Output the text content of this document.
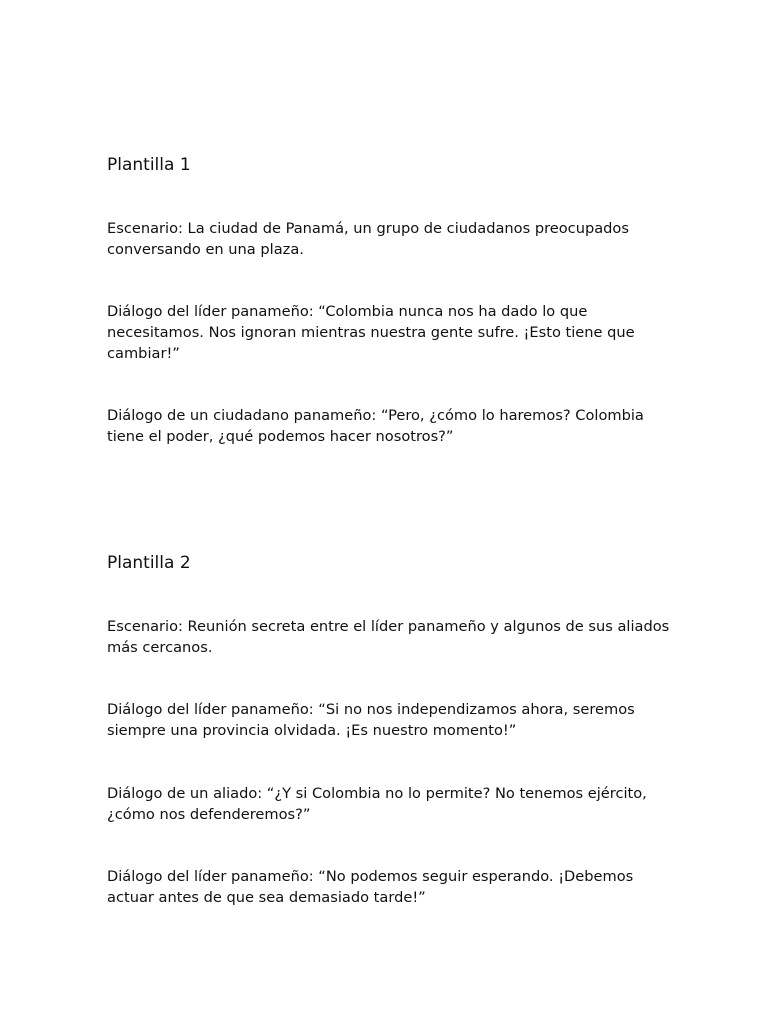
Plantilla 1

Escenario: La ciudad de Panamá, un grupo de ciudadanos preocupados conversando en una plaza.

Diálogo del líder panameño: “Colombia nunca nos ha dado lo que necesitamos. Nos ignoran mientras nuestra gente sufre. ¡Esto tiene que cambiar!”

Diálogo de un ciudadano panameño: “Pero, ¿cómo lo haremos? Colombia tiene el poder, ¿qué podemos hacer nosotros?”

Plantilla 2

Escenario: Reunión secreta entre el líder panameño y algunos de sus aliados más cercanos.

Diálogo del líder panameño: “Si no nos independizamos ahora, seremos siempre una provincia olvidada. ¡Es nuestro momento!”

Diálogo de un aliado: “¿Y si Colombia no lo permite? No tenemos ejército, ¿cómo nos defenderemos?”

Diálogo del líder panameño: “No podemos seguir esperando. ¡Debemos actuar antes de que sea demasiado tarde!”
